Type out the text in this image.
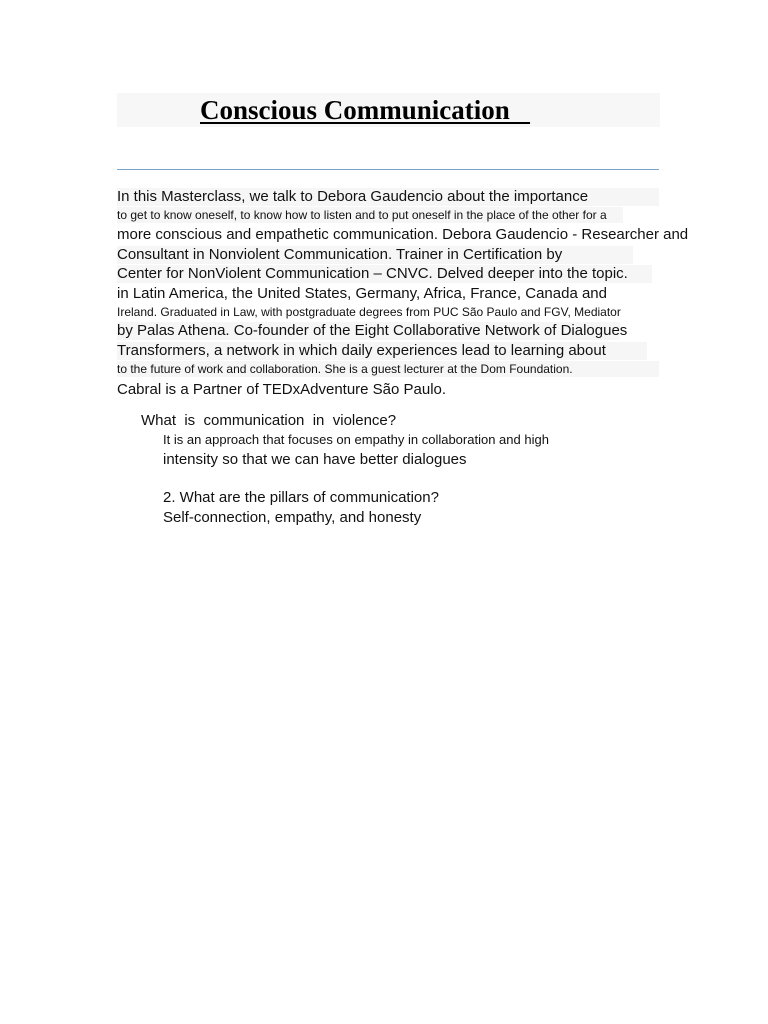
Conscious Communication
In this Masterclass, we talk to Debora Gaudencio about the importance
to get to know oneself, to know how to listen and to put oneself in the place of the other for a
more conscious and empathetic communication. Debora Gaudencio - Researcher and
Consultant in Nonviolent Communication. Trainer in Certification by
Center for NonViolent Communication – CNVC. Delved deeper into the topic.
in Latin America, the United States, Germany, Africa, France, Canada and
Ireland. Graduated in Law, with postgraduate degrees from PUC São Paulo and FGV, Mediator
by Palas Athena. Co-founder of the Eight Collaborative Network of Dialogues
Transformers, a network in which daily experiences lead to learning about
to the future of work and collaboration. She is a guest lecturer at the Dom Foundation.
Cabral is a Partner of TEDxAdventure São Paulo.
What  is  communication  in  violence?
It is an approach that focuses on empathy in collaboration and high
intensity so that we can have better dialogues
2. What are the pillars of communication?
Self-connection, empathy, and honesty
